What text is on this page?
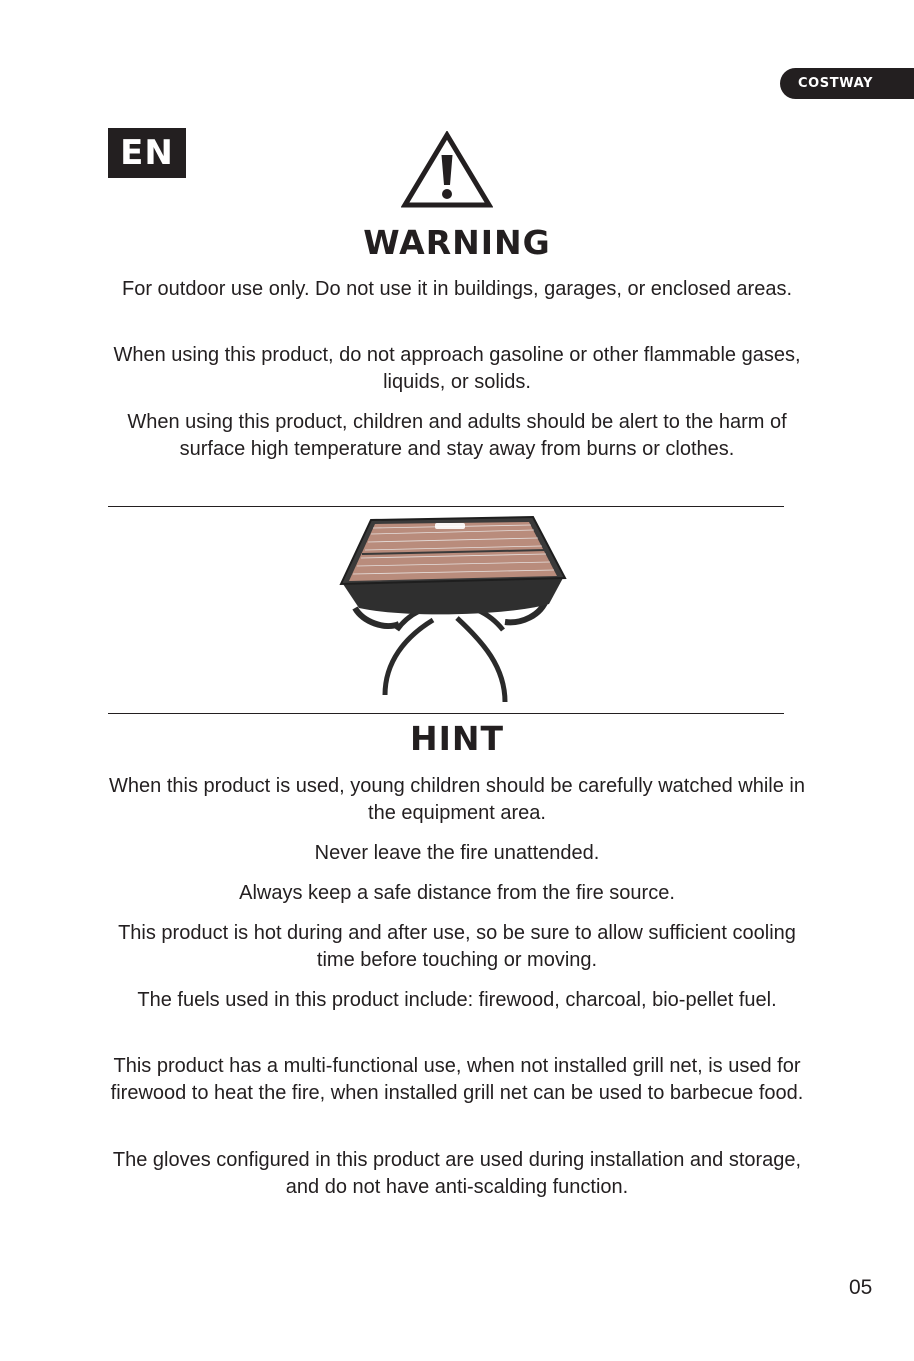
COSTWAY
EN
WARNING

For outdoor use only. Do not use it in buildings, garages, or enclosed areas.

When using this product, do not approach gasoline or other flammable gases, liquids, or solids.

When using this product, children and adults should be alert to the harm of surface high temperature and stay away from burns or clothes.

HINT

When this product is used, young children should be carefully watched while in the equipment area.

Never leave the fire unattended.

Always keep a safe distance from the fire source.

This product is hot during and after use, so be sure to allow sufficient cooling time before touching or moving.

The fuels used in this product include: firewood, charcoal, bio-pellet fuel.

This product has a multi-functional use, when not installed grill net, is used for firewood to heat the fire, when installed grill net can be used to barbecue food.

The gloves configured in this product are used during installation and storage, and do not have anti-scalding function.

05
